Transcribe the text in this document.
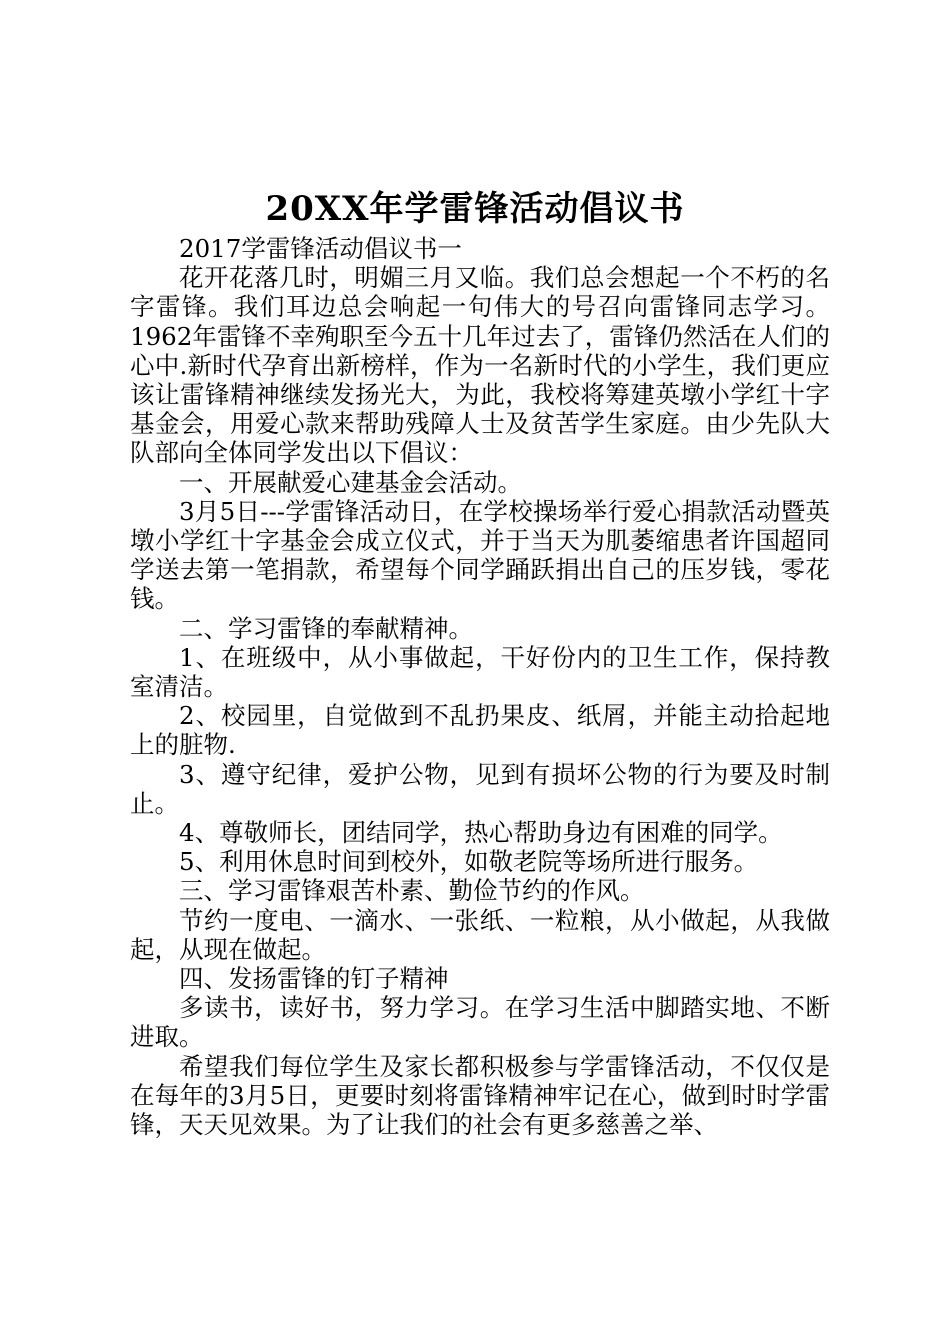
20XX年学雷锋活动倡议书

2017学雷锋活动倡议书一

花开花落几时，明媚三月又临。我们总会想起一个不朽的名字雷锋。我们耳边总会响起一句伟大的号召向雷锋同志学习。1962年雷锋不幸殉职至今五十几年过去了，雷锋仍然活在人们的心中.新时代孕育出新榜样，作为一名新时代的小学生，我们更应该让雷锋精神继续发扬光大，为此，我校将筹建英墩小学红十字基金会，用爱心款来帮助残障人士及贫苦学生家庭。由少先队大队部向全体同学发出以下倡议：

一、开展献爱心建基金会活动。

3月5日---学雷锋活动日，在学校操场举行爱心捐款活动暨英墩小学红十字基金会成立仪式，并于当天为肌萎缩患者许国超同学送去第一笔捐款，希望每个同学踊跃捐出自己的压岁钱，零花钱。

二、学习雷锋的奉献精神。

1、在班级中，从小事做起，干好份内的卫生工作，保持教室清洁。

2、校园里，自觉做到不乱扔果皮、纸屑，并能主动拾起地上的脏物.

3、遵守纪律，爱护公物，见到有损坏公物的行为要及时制止。

4、尊敬师长，团结同学，热心帮助身边有困难的同学。

5、利用休息时间到校外，如敬老院等场所进行服务。

三、学习雷锋艰苦朴素、勤俭节约的作风。

节约一度电、一滴水、一张纸、一粒粮，从小做起，从我做起，从现在做起。

四、发扬雷锋的钉子精神

多读书，读好书，努力学习。在学习生活中脚踏实地、不断进取。

希望我们每位学生及家长都积极参与学雷锋活动，不仅仅是在每年的3月5日，更要时刻将雷锋精神牢记在心，做到时时学雷锋，天天见效果。为了让我们的社会有更多慈善之举、
